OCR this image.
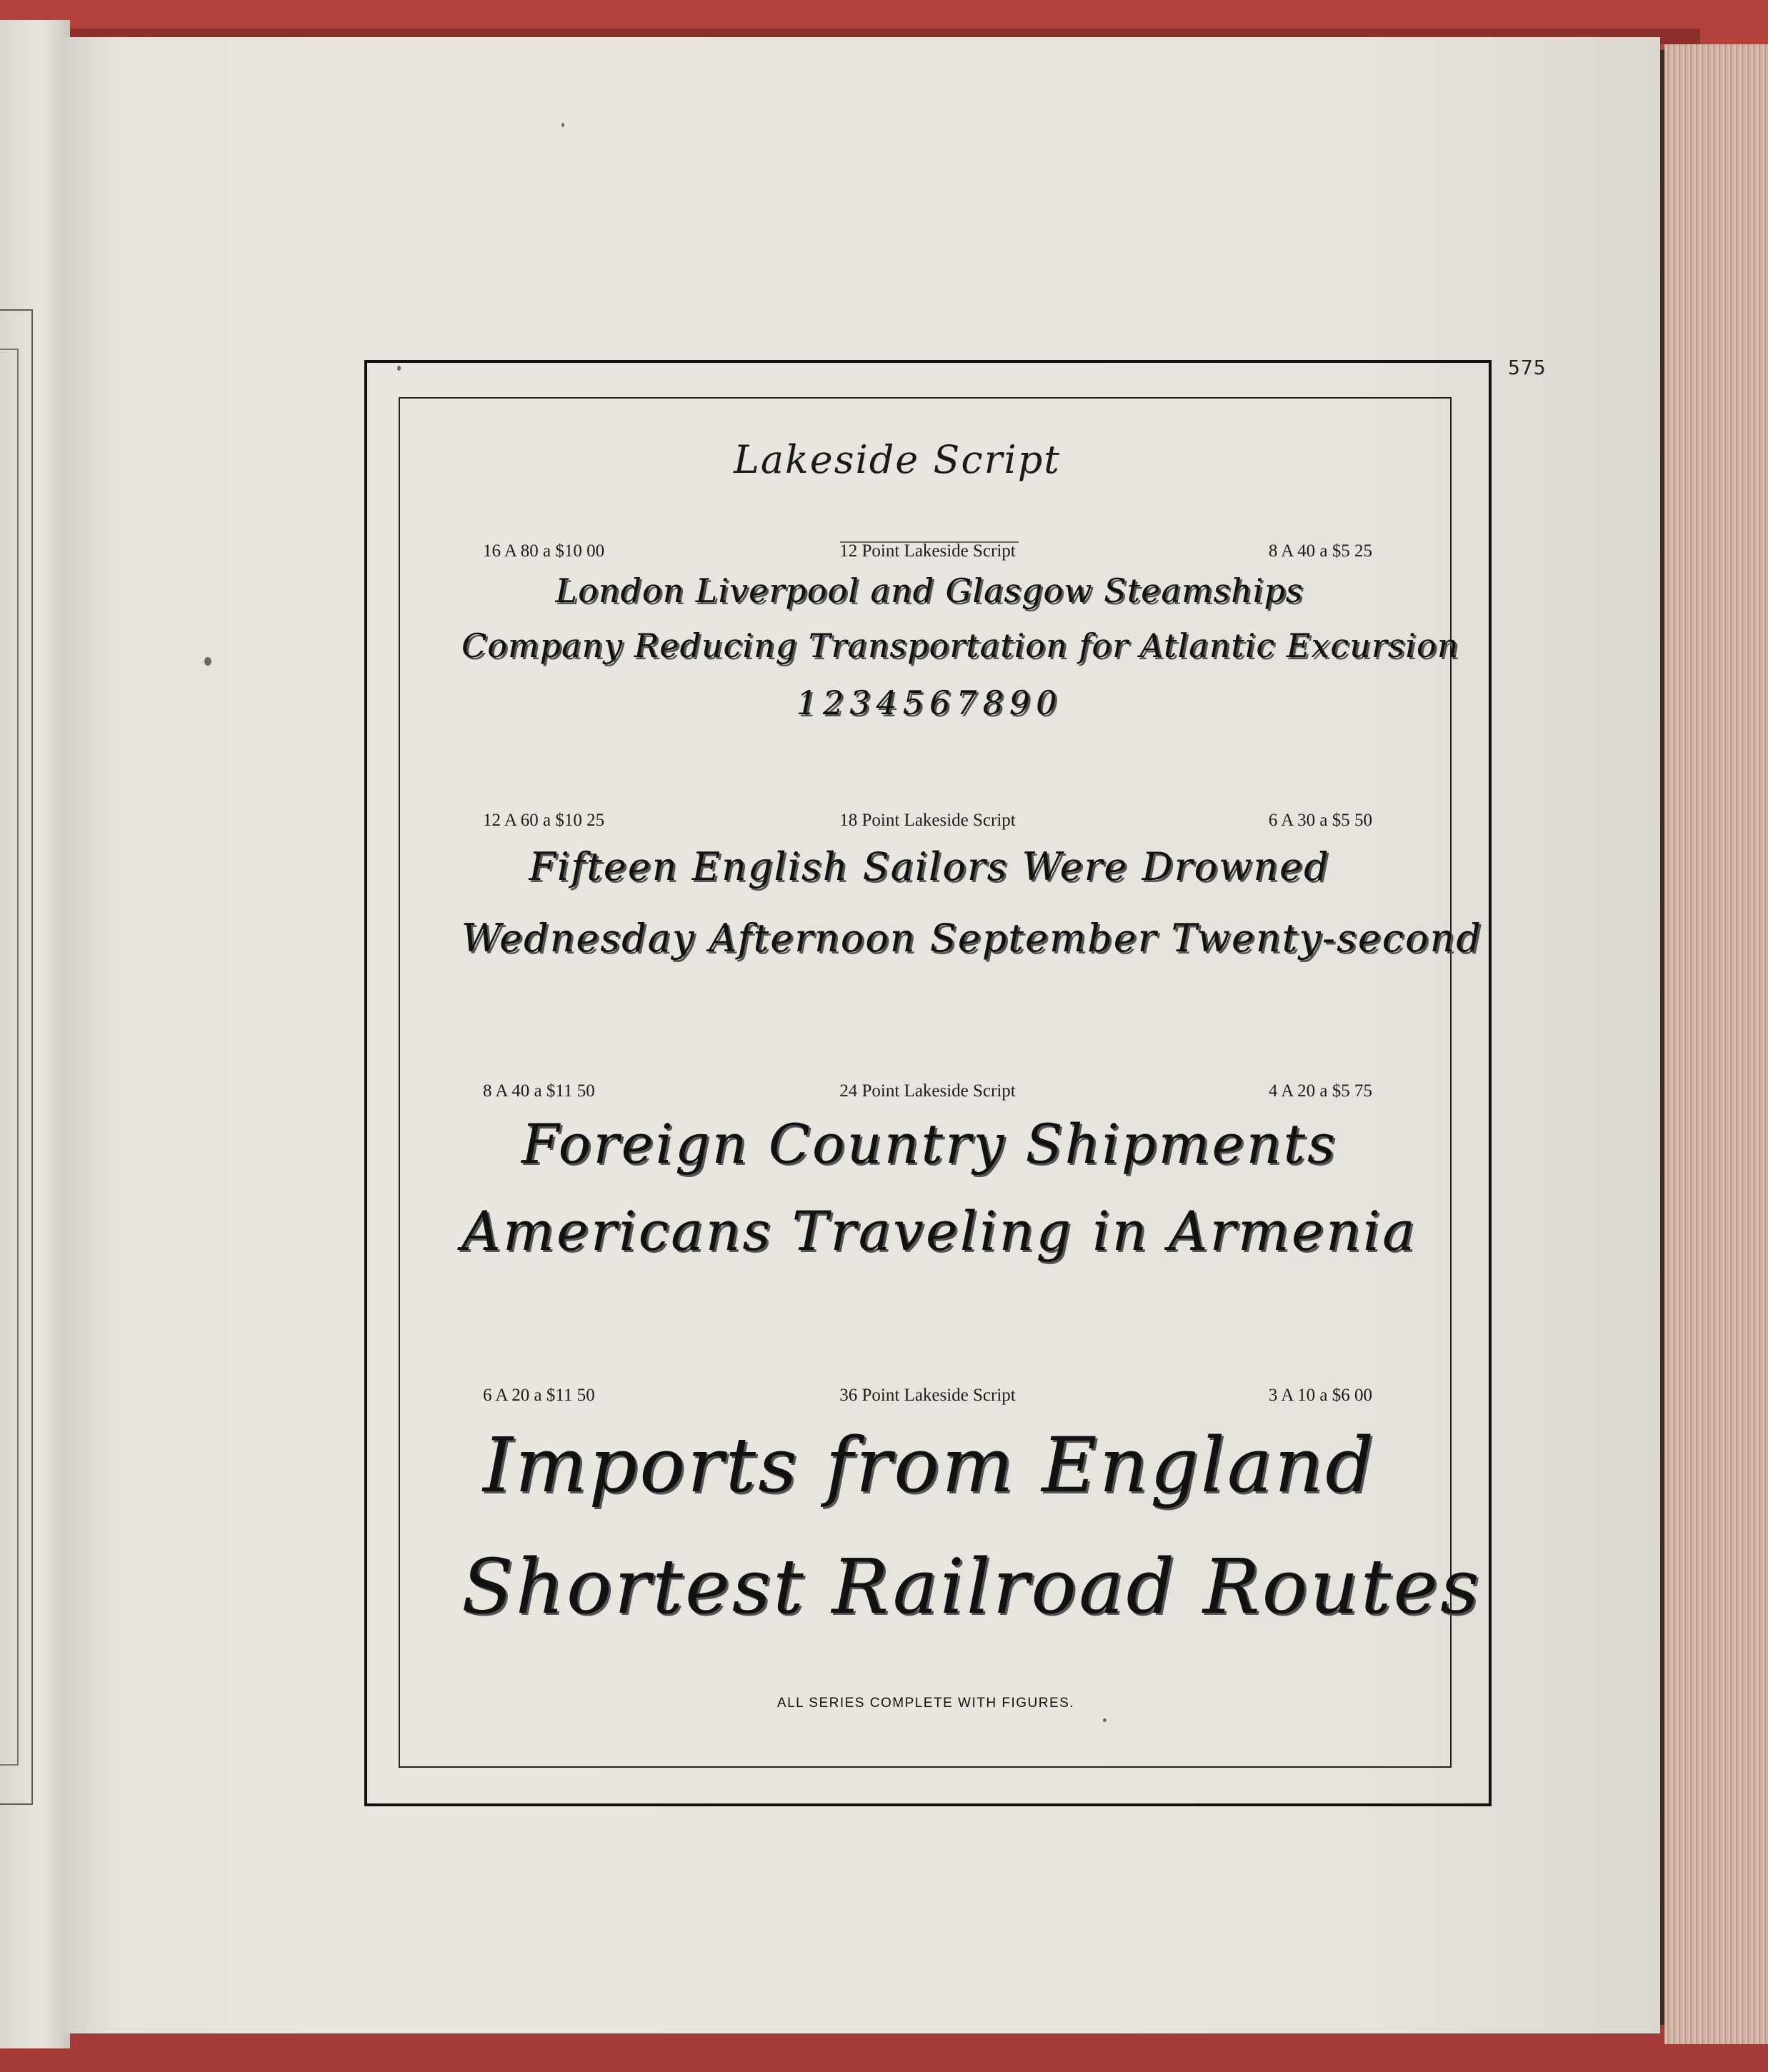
575
Lakeside Script
16 A 80 a $10 00	12 Point Lakeside Script	8 A 40 a $5 25
London Liverpool and Glasgow Steamships
Company Reducing Transportation for Atlantic Excursion
1234567890
12 A 60 a $10 25	18 Point Lakeside Script	6 A 30 a $5 50
Fifteen English Sailors Were Drowned
Wednesday Afternoon September Twenty-second
8 A 40 a $11 50	24 Point Lakeside Script	4 A 20 a $5 75
Foreign Country Shipments
Americans Traveling in Armenia
6 A 20 a $11 50	36 Point Lakeside Script	3 A 10 a $6 00
Imports from England
Shortest Railroad Routes
ALL SERIES COMPLETE WITH FIGURES.
